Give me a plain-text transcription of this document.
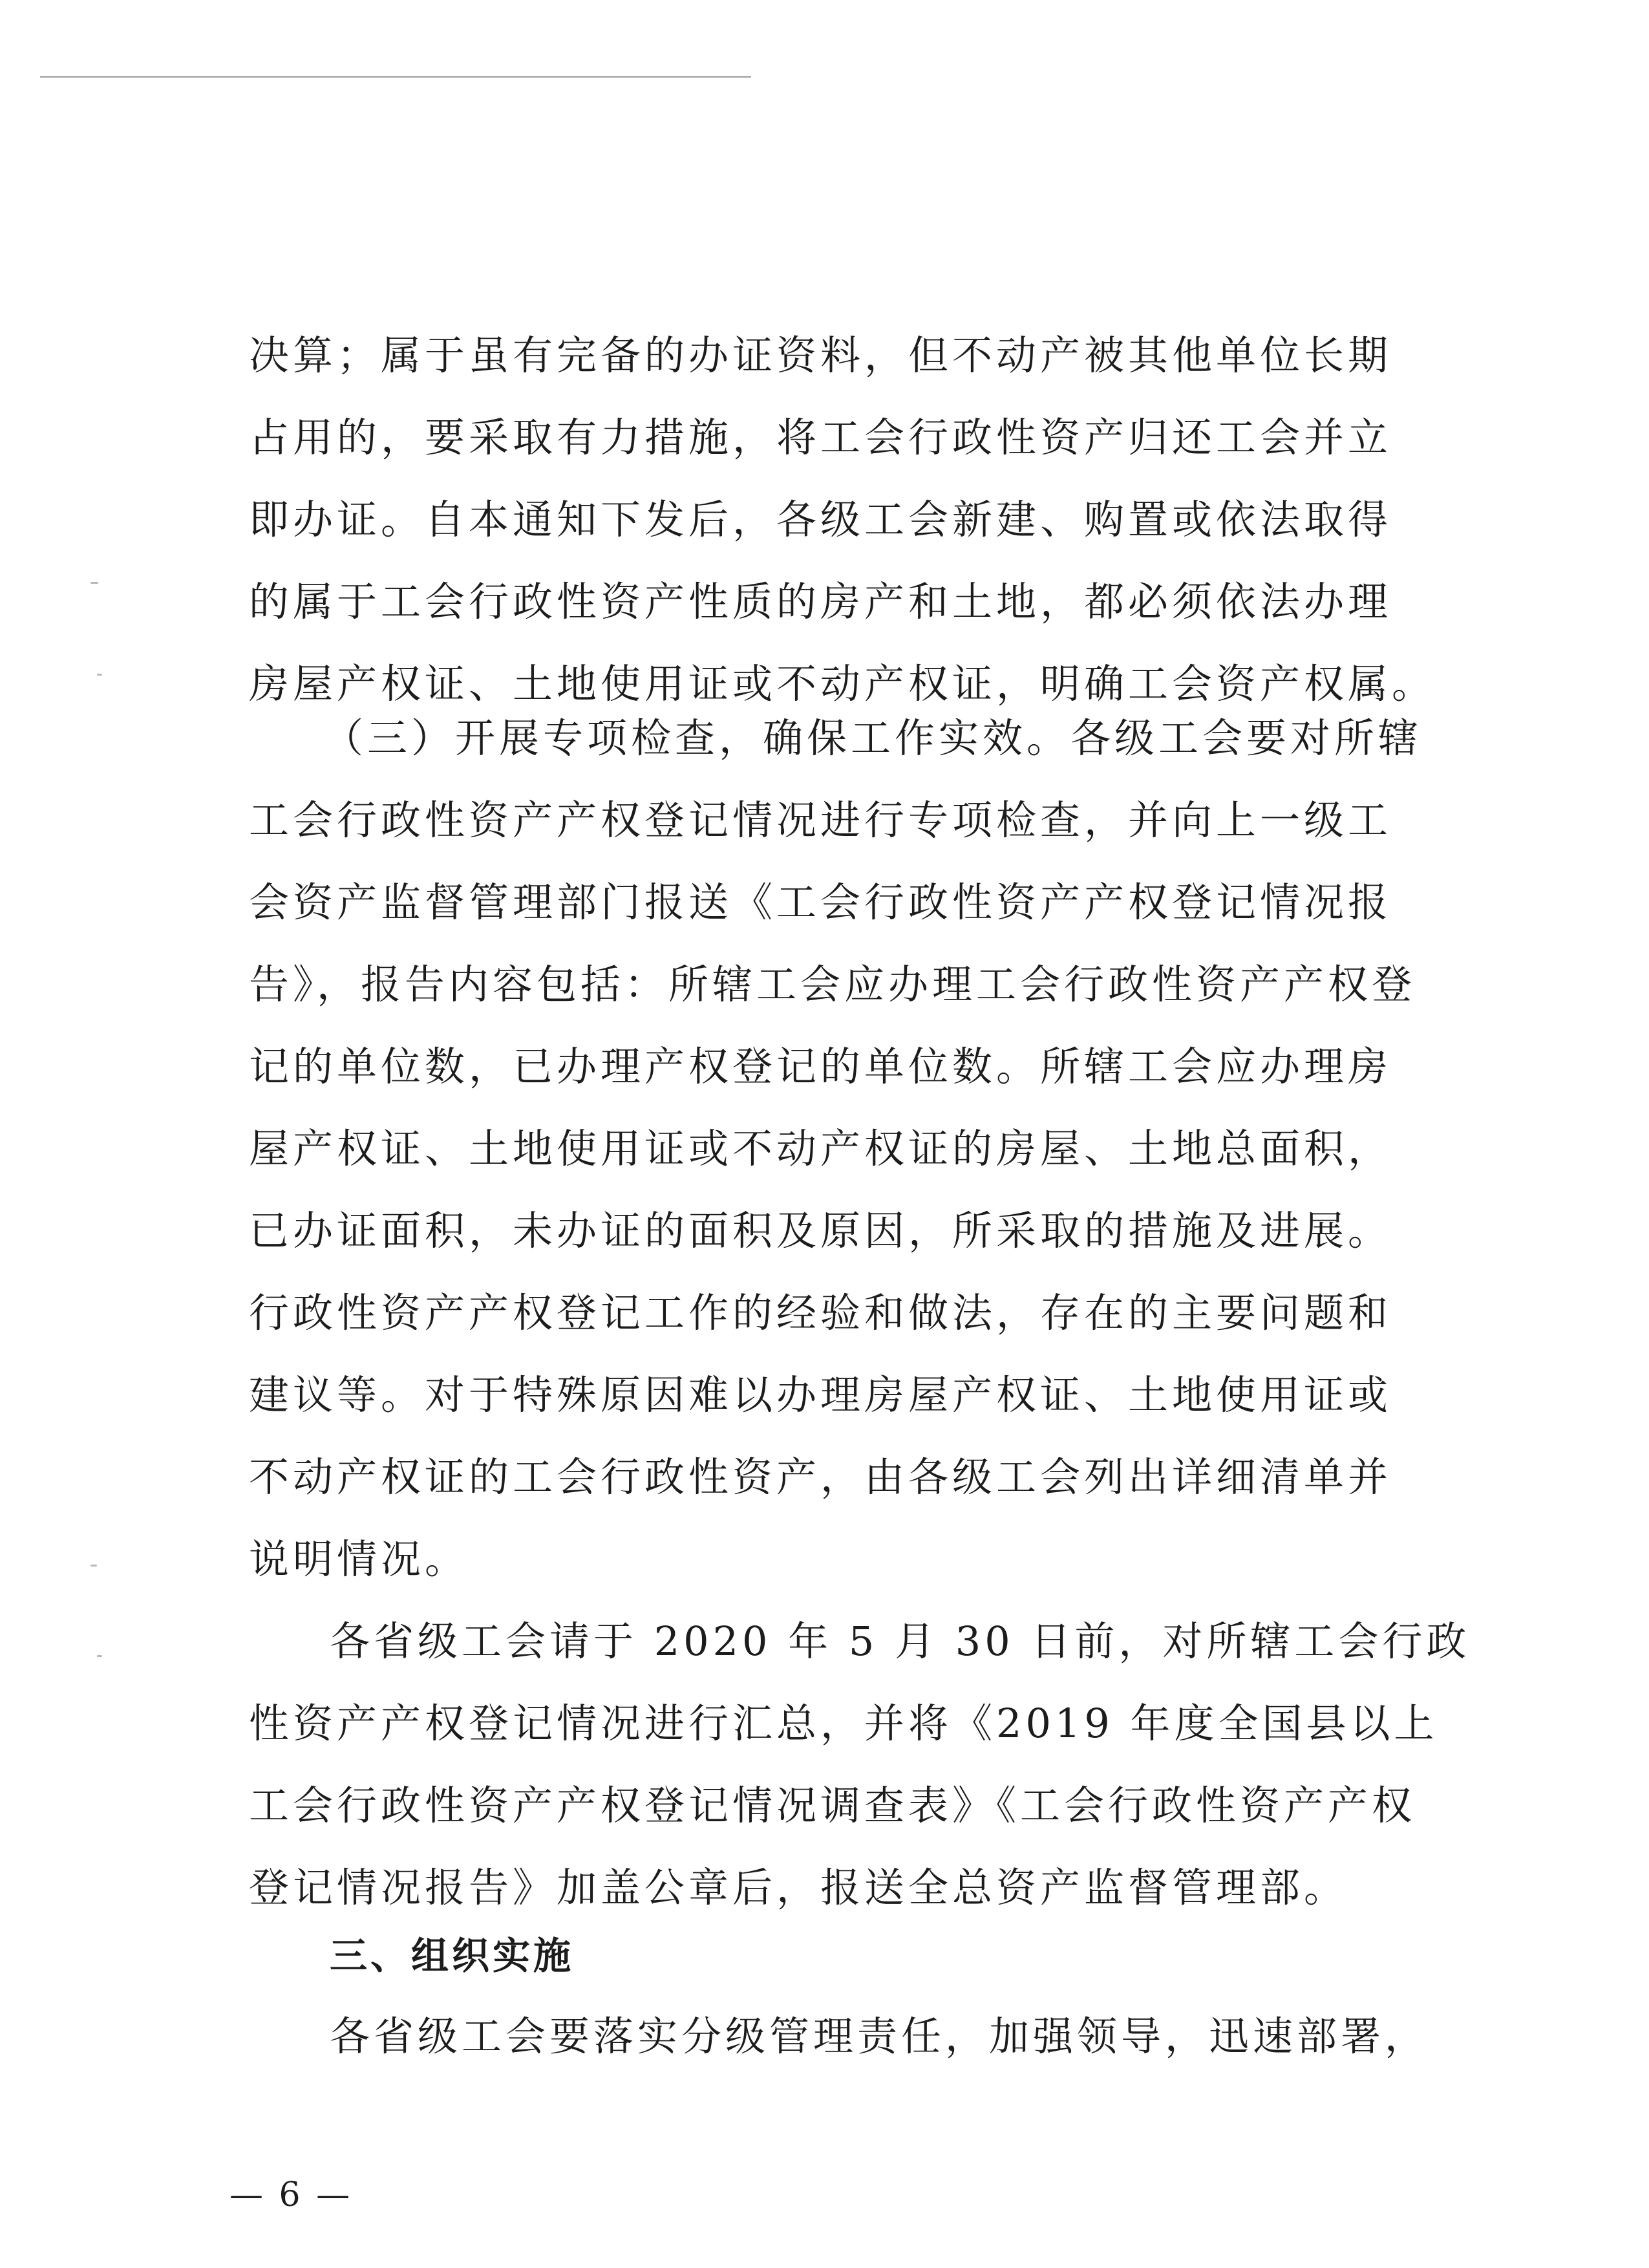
决算；属于虽有完备的办证资料，但不动产被其他单位长期

占用的，要采取有力措施，将工会行政性资产归还工会并立

即办证。自本通知下发后，各级工会新建、购置或依法取得

的属于工会行政性资产性质的房产和土地，都必须依法办理

房屋产权证、土地使用证或不动产权证，明确工会资产权属。

（三）开展专项检查，确保工作实效。各级工会要对所辖

工会行政性资产产权登记情况进行专项检查，并向上一级工

会资产监督管理部门报送《工会行政性资产产权登记情况报

告》，报告内容包括：所辖工会应办理工会行政性资产产权登

记的单位数，已办理产权登记的单位数。所辖工会应办理房

屋产权证、土地使用证或不动产权证的房屋、土地总面积，

已办证面积，未办证的面积及原因，所采取的措施及进展。

行政性资产产权登记工作的经验和做法，存在的主要问题和

建议等。对于特殊原因难以办理房屋产权证、土地使用证或

不动产权证的工会行政性资产，由各级工会列出详细清单并

说明情况。

各省级工会请于 2020 年 5 月 30 日前，对所辖工会行政

性资产产权登记情况进行汇总，并将《2019 年度全国县以上

工会行政性资产产权登记情况调查表》《工会行政性资产产权

登记情况报告》加盖公章后，报送全总资产监督管理部。

三、组织实施

各省级工会要落实分级管理责任，加强领导，迅速部署，

— 6 —
